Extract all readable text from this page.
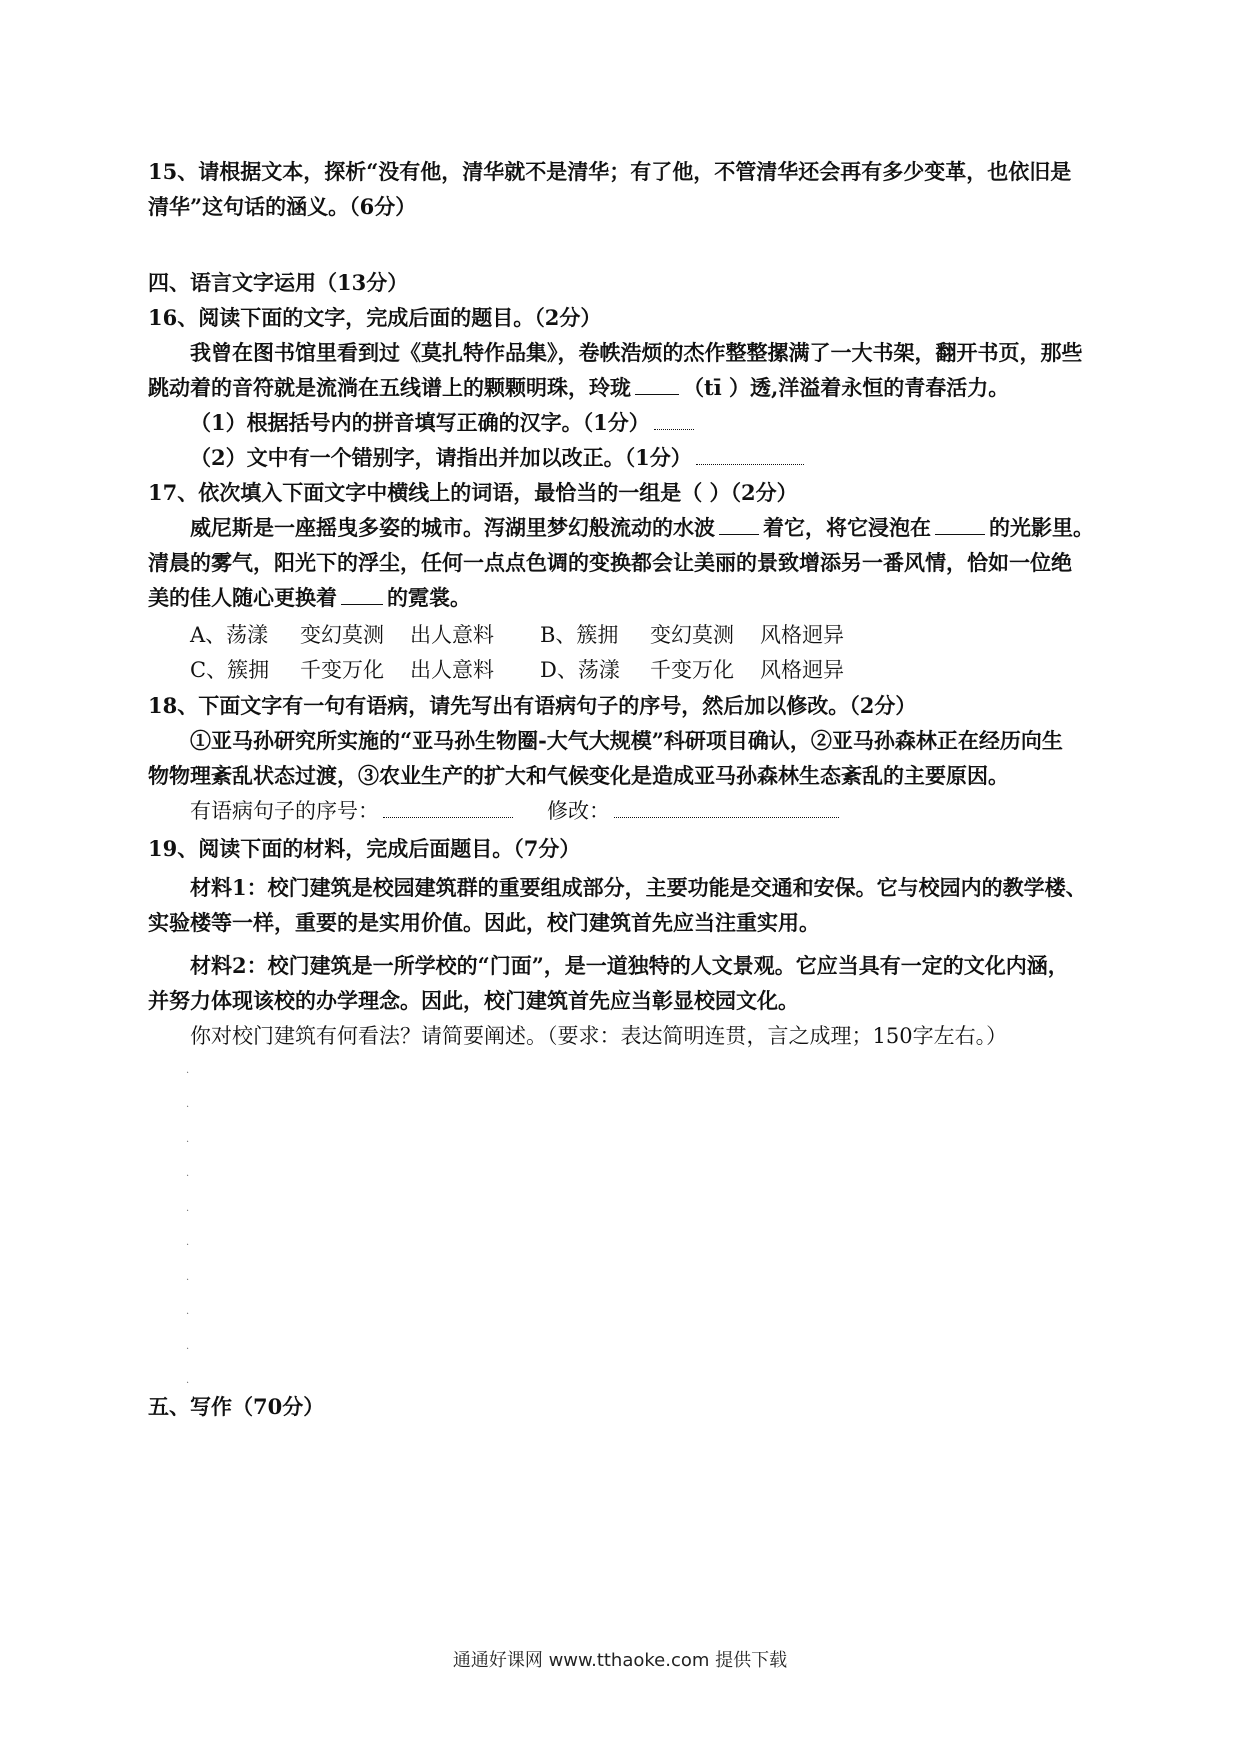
15、请根据文本，探析“没有他，清华就不是清华；有了他，不管清华还会再有多少变革，也依旧是
清华”这句话的涵义。（6分）
四、语言文字运用（13分）
16、阅读下面的文字，完成后面的题目。（2分）
我曾在图书馆里看到过《莫扎特作品集》，卷帙浩烦的杰作整整摞满了一大书架，翻开书页，那些
跳动着的音符就是流淌在五线谱上的颗颗明珠，玲珑 （tī ）透,洋溢着永恒的青春活力。
（1）根据括号内的拼音填写正确的汉字。（1分）
（2）文中有一个错别字，请指出并加以改正。（1分）
17、依次填入下面文字中横线上的词语，最恰当的一组是（ ）（2分）
威尼斯是一座摇曳多姿的城市。泻湖里梦幻般流动的水波 着它，将它浸泡在	的光影里。
清晨的雾气，阳光下的浮尘，任何一点点色调的变换都会让美丽的景致增添另一番风情，恰如一位绝
美的佳人随心更换着 的霓裳。
A、荡漾 变幻莫测 出人意料 B、簇拥 变幻莫测 风格迥异
C、簇拥 千变万化 出人意料 D、荡漾 千变万化 风格迥异
18、下面文字有一句有语病，请先写出有语病句子的序号，然后加以修改。（2分）
①亚马孙研究所实施的“亚马孙生物圈-大气大规模”科研项目确认，②亚马孙森林正在经历向生
物物理紊乱状态过渡，③农业生产的扩大和气候变化是造成亚马孙森林生态紊乱的主要原因。
有语病句子的序号：	修改：
19、阅读下面的材料，完成后面题目。（7分）
材料1：校门建筑是校园建筑群的重要组成部分，主要功能是交通和安保。它与校园内的教学楼、
实验楼等一样，重要的是实用价值。因此，校门建筑首先应当注重实用。
材料2：校门建筑是一所学校的“门面”，是一道独特的人文景观。它应当具有一定的文化内涵，
并努力体现该校的办学理念。因此，校门建筑首先应当彰显校园文化。
你对校门建筑有何看法？请简要阐述。（要求：表达简明连贯，言之成理；150字左右。）
·
·
·
·
·
·
·
·
·
·
五、写作（70分）
通通好课网 www.tthaoke.com 提供下载
